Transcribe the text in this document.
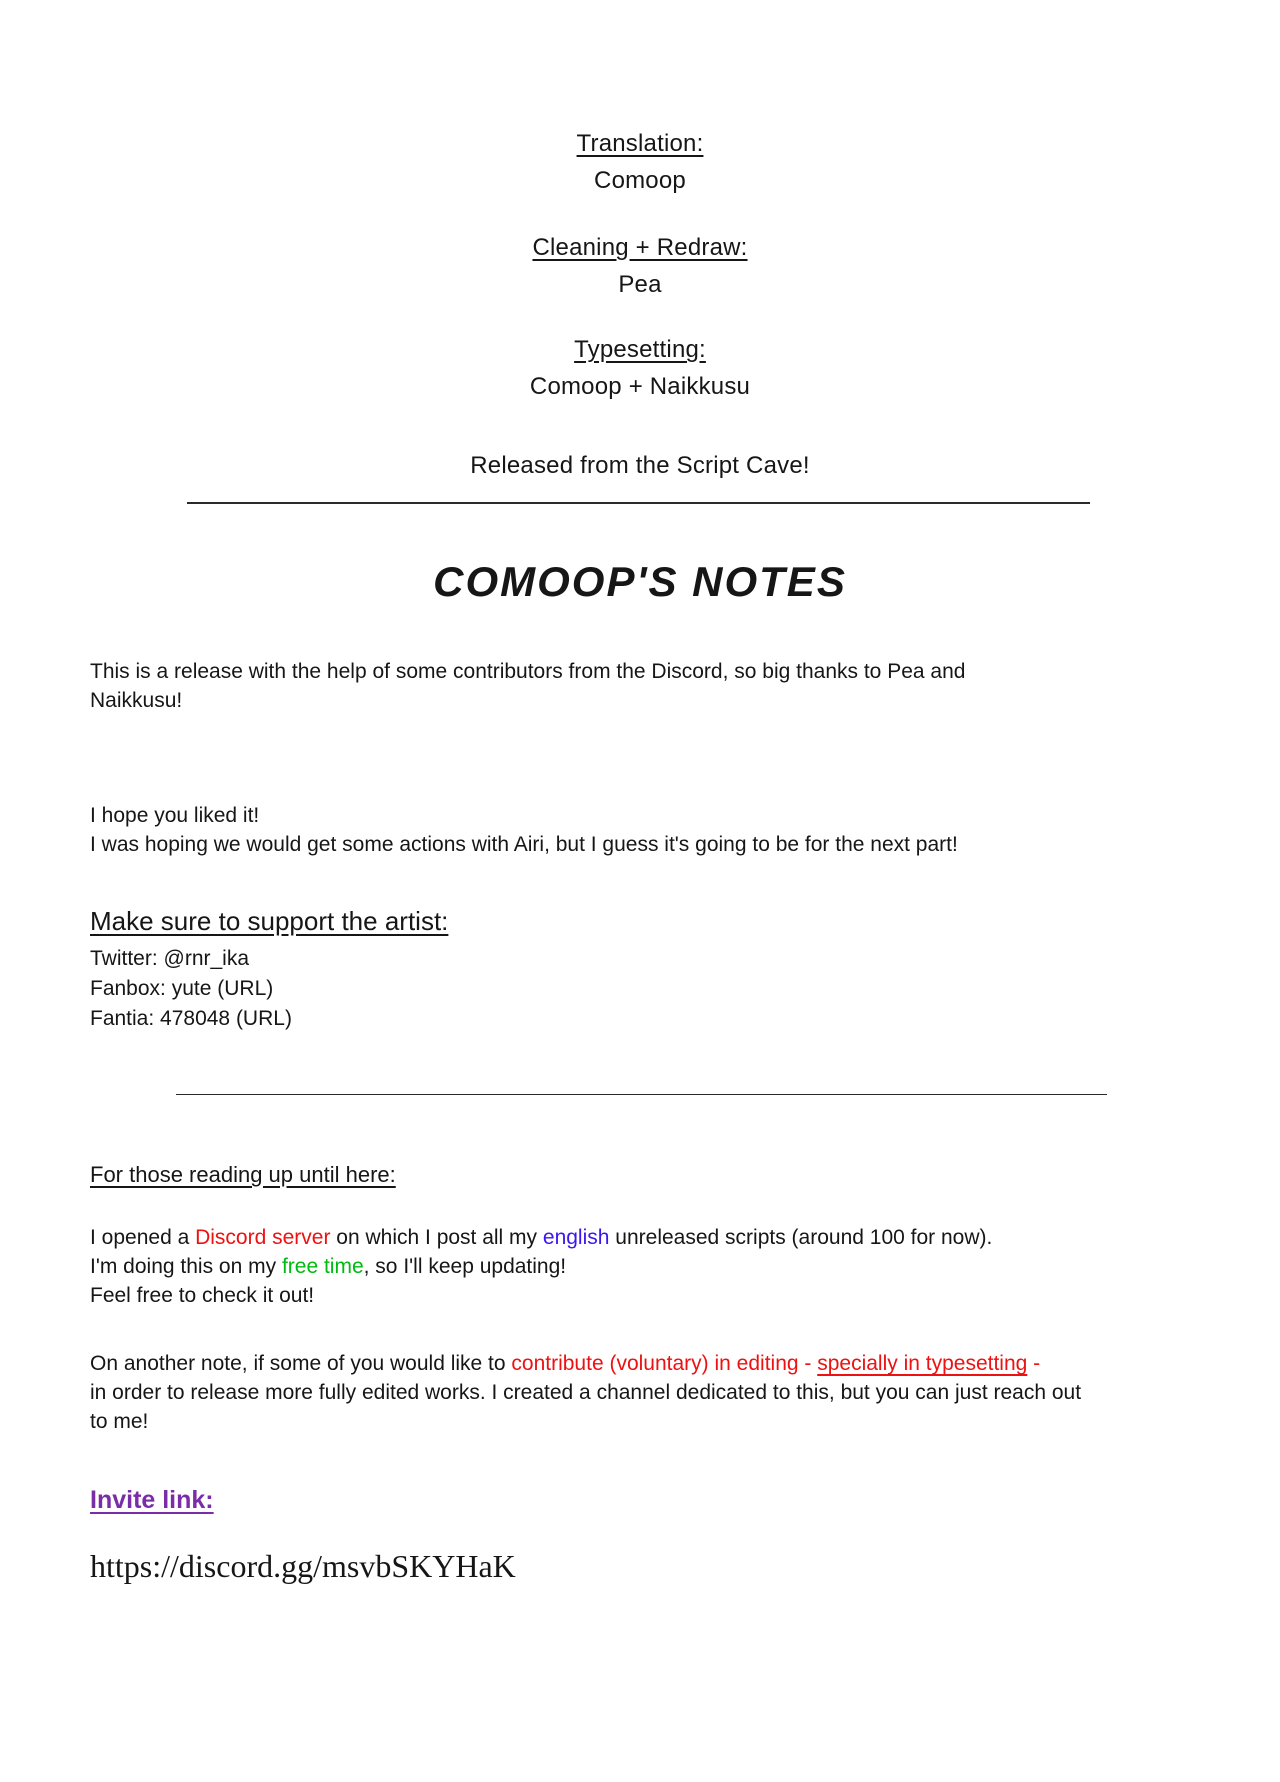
Translation:
Comoop
Cleaning + Redraw:
Pea
Typesetting:
Comoop + Naikkusu
Released from the Script Cave!
COMOOP'S NOTES
This is a release with the help of some contributors from the Discord, so big thanks to Pea and
Naikkusu!
I hope you liked it!
I was hoping we would get some actions with Airi, but I guess it's going to be for the next part!
Make sure to support the artist:
Twitter: @rnr_ika
Fanbox: yute (URL)
Fantia: 478048 (URL)
For those reading up until here:
I opened a Discord server on which I post all my english unreleased scripts (around 100 for now).
I'm doing this on my free time, so I'll keep updating!
Feel free to check it out!
On another note, if some of you would like to contribute (voluntary) in editing - specially in typesetting -
in order to release more fully edited works. I created a channel dedicated to this, but you can just reach out
to me!
Invite link:
https://discord.gg/msvbSKYHaK
